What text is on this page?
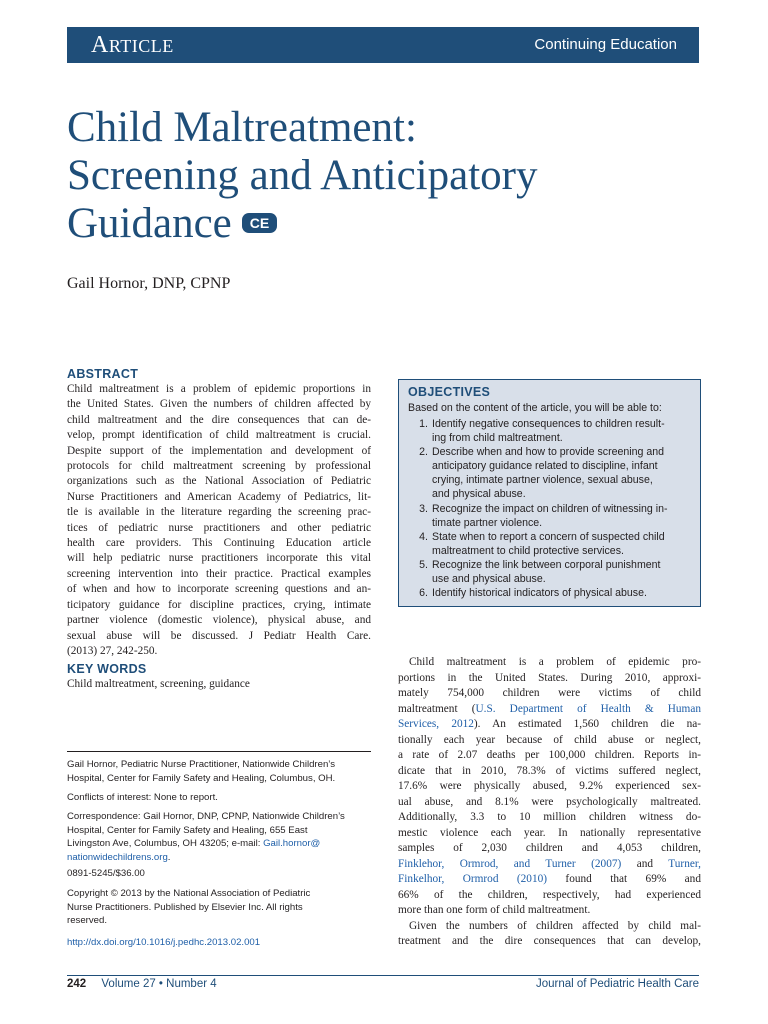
ARTICLE	Continuing Education
Child Maltreatment:
Screening and Anticipatory
Guidance CE
Gail Hornor, DNP, CPNP
ABSTRACT
Child maltreatment is a problem of epidemic proportions in
the United States. Given the numbers of children affected by
child maltreatment and the dire consequences that can de-
velop, prompt identification of child maltreatment is crucial.
Despite support of the implementation and development of
protocols for child maltreatment screening by professional
organizations such as the National Association of Pediatric
Nurse Practitioners and American Academy of Pediatrics, lit-
tle is available in the literature regarding the screening prac-
tices of pediatric nurse practitioners and other pediatric
health care providers. This Continuing Education article
will help pediatric nurse practitioners incorporate this vital
screening intervention into their practice. Practical examples
of when and how to incorporate screening questions and an-
ticipatory guidance for discipline practices, crying, intimate
partner violence (domestic violence), physical abuse, and
sexual abuse will be discussed. J Pediatr Health Care.
(2013) 27, 242-250.
KEY WORDS
Child maltreatment, screening, guidance
OBJECTIVES
Based on the content of the article, you will be able to:
1. Identify negative consequences to children result-
ing from child maltreatment.
2. Describe when and how to provide screening and
anticipatory guidance related to discipline, infant
crying, intimate partner violence, sexual abuse,
and physical abuse.
3. Recognize the impact on children of witnessing in-
timate partner violence.
4. State when to report a concern of suspected child
maltreatment to child protective services.
5. Recognize the link between corporal punishment
use and physical abuse.
6. Identify historical indicators of physical abuse.
Gail Hornor, Pediatric Nurse Practitioner, Nationwide Children’s
Hospital, Center for Family Safety and Healing, Columbus, OH.
Conflicts of interest: None to report.
Correspondence: Gail Hornor, DNP, CPNP, Nationwide Children’s
Hospital, Center for Family Safety and Healing, 655 East
Livingston Ave, Columbus, OH 43205; e-mail: Gail.hornor@
nationwidechildrens.org.
0891-5245/$36.00
Copyright © 2013 by the National Association of Pediatric
Nurse Practitioners. Published by Elsevier Inc. All rights
reserved.
http://dx.doi.org/10.1016/j.pedhc.2013.02.001
Child maltreatment is a problem of epidemic pro-
portions in the United States. During 2010, approxi-
mately 754,000 children were victims of child
maltreatment (U.S. Department of Health & Human
Services, 2012). An estimated 1,560 children die na-
tionally each year because of child abuse or neglect,
a rate of 2.07 deaths per 100,000 children. Reports in-
dicate that in 2010, 78.3% of victims suffered neglect,
17.6% were physically abused, 9.2% experienced sex-
ual abuse, and 8.1% were psychologically maltreated.
Additionally, 3.3 to 10 million children witness do-
mestic violence each year. In nationally representative
samples of 2,030 children and 4,053 children,
Finklehor, Ormrod, and Turner (2007) and Turner,
Finkelhor, Ormrod (2010) found that 69% and
66% of the children, respectively, had experienced
more than one form of child maltreatment.
Given the numbers of children affected by child mal-
treatment and the dire consequences that can develop,
242 Volume 27 • Number 4	Journal of Pediatric Health Care
